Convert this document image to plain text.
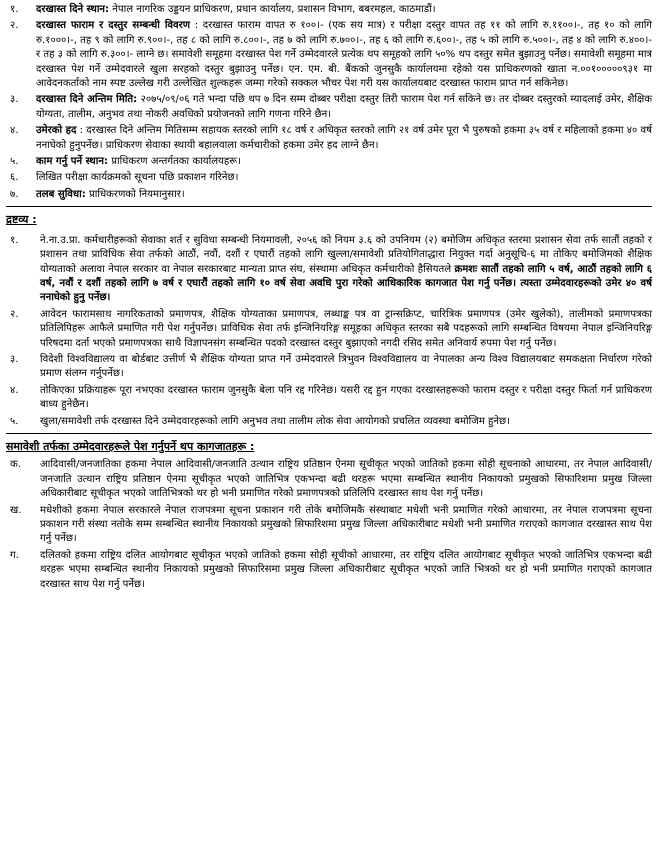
१.	दरखास्त दिने स्थान: नेपाल नागरिक उड्डयन प्राधिकरण, प्रधान कार्यालय, प्रशासन विभाग, बबरमहल, काठमाडौं।
२.	दरखास्त फाराम र दस्तुर सम्बन्धी विवरण : दरखास्त फाराम वापत रु १००।- (एक सय मात्र) र परीक्षा दस्तुर वापत तह ११ को लागि रु.११००।-, तह १० को लागि रु.१०००।-, तह ९ को लागि रु.९००।-, तह ८ को लागि रु.८००।-, तह ७ को लागि रु.७००।-, तह ६ को लागि रु.६००।-, तह ५ को लागि रु.५००।-, तह ४ को लागि रु.४००।- र तह ३ को लागि रु.३००।- लाग्ने छ। समावेशी समूहमा दरखास्त पेश गर्ने उम्मेदवारले प्रत्येक थप समूहको लागि ५०% थप दस्तुर समेत बुझाउनु पर्नेछ। समावेशी समूहमा मात्र दरखास्त पेश गर्ने उम्मेदवारले खुला सरहको दस्तुर बुझाउनु पर्नेछ। एन. एम. बी. बैंकको जुनसुकै कार्यालयमा रहेको यस प्राधिकरणको खाता न.००१०००००९३१ मा आवेदनकर्ताको नाम स्पष्ट उल्लेख गरी उल्लेखित शुल्कहरू जम्मा गरेको सक्कल भौचर पेश गरी यस कार्यालयबाट दरखास्त फाराम प्राप्त गर्न सकिनेछ।
३.	दरखास्त दिने अन्तिम मिति: २०७५/०९/०६ गते भन्दा पछि थप ७ दिन सम्म दोब्बर परीक्षा दस्तुर तिरी फाराम पेश गर्न सकिने छ। तर दोब्बर दस्तुरको म्यादलाई उमेर, शैक्षिक योग्यता, तालीम, अनुभव तथा नोकरी अवधिको प्रयोजनको लागि गणना गरिने छैन।
४.	उमेरको हद : दरखास्त दिने अन्तिम मितिसम्म सहायक स्तरको लागि १८ वर्ष र अधिकृत स्तरको लागि २१ वर्ष उमेर पूरा भै पुरुषको हकमा ३५ वर्ष र महिलाको हकमा ४० वर्ष ननाघेको हुनुपर्नेछ। प्राधिकरण सेवाका स्थायी बहालवाला कर्मचारीको हकमा उमेर हद लाग्ने छैन।
५.	काम गर्नु पर्ने स्थान: प्राधिकरण अन्तर्गतका कार्यालयहरू।
६.	लिखित परीक्षा कार्यक्रमको सूचना पछि प्रकाशन गरिनेछ।
७.	तलब सुविधा: प्राधिकरणको नियमानुसार।
द्रष्टव्य :
१.	ने.ना.उ.प्रा. कर्मचारीहरूको सेवाका शर्त र सुविधा सम्बन्धी नियमावली, २०५६ को नियम ३.६ को उपनियम (२) बमोजिम अधिकृत स्तरमा प्रशासन सेवा तर्फ सातौं तहको र प्रशासन तथा प्राविधिक सेवा तर्फको आठौं, नवौं, दशौं र एघारौं तहको लागि खुल्ला/समावेशी प्रतियोगिताद्धारा नियुक्त गर्दा अनुसूचि-६ मा तोकिए बमोजिमको शैक्षिक योग्यताको अलावा नेपाल सरकार वा नेपाल सरकारबाट मान्यता प्राप्त संघ, संस्थामा अधिकृत कर्मचारीको हैसियतले क्रमशः सातौं तहको लागि ५ वर्ष, आठौं तहको लागि ६ वर्ष, नवौं र दशौं तहको लागि ७ वर्ष र एघारौं तहको लागि १० वर्ष सेवा अवधि पुरा गरेको आधिकारिक कागजात पेश गर्नु पर्नेछ। त्यस्ता उम्मेदवारहरूको उमेर ४० वर्ष ननाघेको हुनु पर्नेछ।
२.	आवेदन फारामसाथ नागरिकताको प्रमाणपत्र, शैक्षिक योग्यताका प्रमाणपत्र, लब्धाङ्क पत्र वा ट्रान्सक्रिप्ट, चारित्रिक प्रमाणपत्र (उमेर खुलेको), तालीमको प्रमाणपत्रका प्रतिलिपिहरू आफैले प्रमाणित गरी पेश गर्नुपर्नेछ। प्राविधिक सेवा तर्फ इन्जिनियरिङ्ग समूहका अधिकृत स्तरका सबै पदहरूको लागि सम्बन्धित विषयमा नेपाल इन्जिनियरिङ्ग परिषदमा दर्ता भएको प्रमाणपत्रका साथै विज्ञापनसंग सम्बन्धित पदको दरखास्त दस्तुर बुझाएको नगदी रसिद समेत अनिवार्य रुपमा पेश गर्नु पर्नेछ।
३.	विदेशी विश्वविद्यालय वा बोर्डबाट उत्तीर्ण भै शैक्षिक योग्यता प्राप्त गर्ने उम्मेदवारले त्रिभुवन विश्वविद्यालय वा नेपालका अन्य विश्व विद्यालयबाट समकक्षता निर्धारण गरेको प्रमाण संलग्न गर्नुपर्नेछ।
४.	तोकिएका प्रक्रियाहरू पूरा नभएका दरखास्त फाराम जुनसुकै बेला पनि रद्द गरिनेछ। यसरी रद्द हुन गएका दरखास्तहरूको फाराम दस्तुर र परीक्षा दस्तुर फिर्ता गर्न प्राधिकरण बाध्य हुनेछैन।
५.	खुला/समावेशी तर्फ दरखास्त दिने उम्मेदवारहरूको लागि अनुभव तथा तालीम लोक सेवा आयोगको प्रचलित व्यवस्था बमोजिम हुनेछ।
समावेशी तर्फका उम्मेदवारहरूले पेश गर्नुपर्ने थप कागजातहरू :
क.	आदिवासी/जनजातिका हकमा नेपाल आदिवासी/जनजाति उत्थान राष्ट्रिय प्रतिष्ठान ऐनमा सूचीकृत भएको जातिको हकमा सोही सूचनाको आधारमा, तर नेपाल आदिवासी/जनजाति उत्थान राष्ट्रिय प्रतिष्ठान ऐनमा सूचीकृत भएको जातिभित्र एकभन्दा बढी थरहरू भएमा सम्बन्धित स्थानीय निकायको प्रमुखको सिफारिशमा प्रमुख जिल्ला अधिकारीबाट सूचीकृत भएको जातिभित्रको थर हो भनी प्रमाणित गरेको प्रमाणपत्रको प्रतिलिपि दरखास्त साथ पेश गर्नु पर्नेछ।
ख.	मधेशीको हकमा नेपाल सरकारले नेपाल राजपत्रमा सूचना प्रकाशन गरी तोके बमोजिमकै संस्थाबाट मधेशी भनी प्रमाणित गरेको आधारमा, तर नेपाल राजपत्रमा सूचना प्रकाशन गरी संस्था नतोके सम्म सम्बन्धित स्थानीय निकायको प्रमुखको सिफारिशमा प्रमुख जिल्ला अधिकारीबाट मधेशी भनी प्रमाणित गराएको कागजात दरखास्त साथ पेश गर्नु पर्नेछ।
ग.	दलितको हकमा राष्ट्रिय दलित आयोगबाट सूचीकृत भएको जातिको हकमा सोही सूचीको आधारमा, तर राष्ट्रिय दलित आयोगबाट सूचीकृत भएको जातिभित्र एकभन्दा बढी थरहरू भएमा सम्बन्धित स्थानीय निकायको प्रमुखको सिफारिसमा प्रमुख जिल्ला अधिकारीबाट सूचीकृत भएको जाति भित्रको थर हो भनी प्रमाणित गराएको कागजात दरखास्त साथ पेश गर्नु पर्नेछ।
